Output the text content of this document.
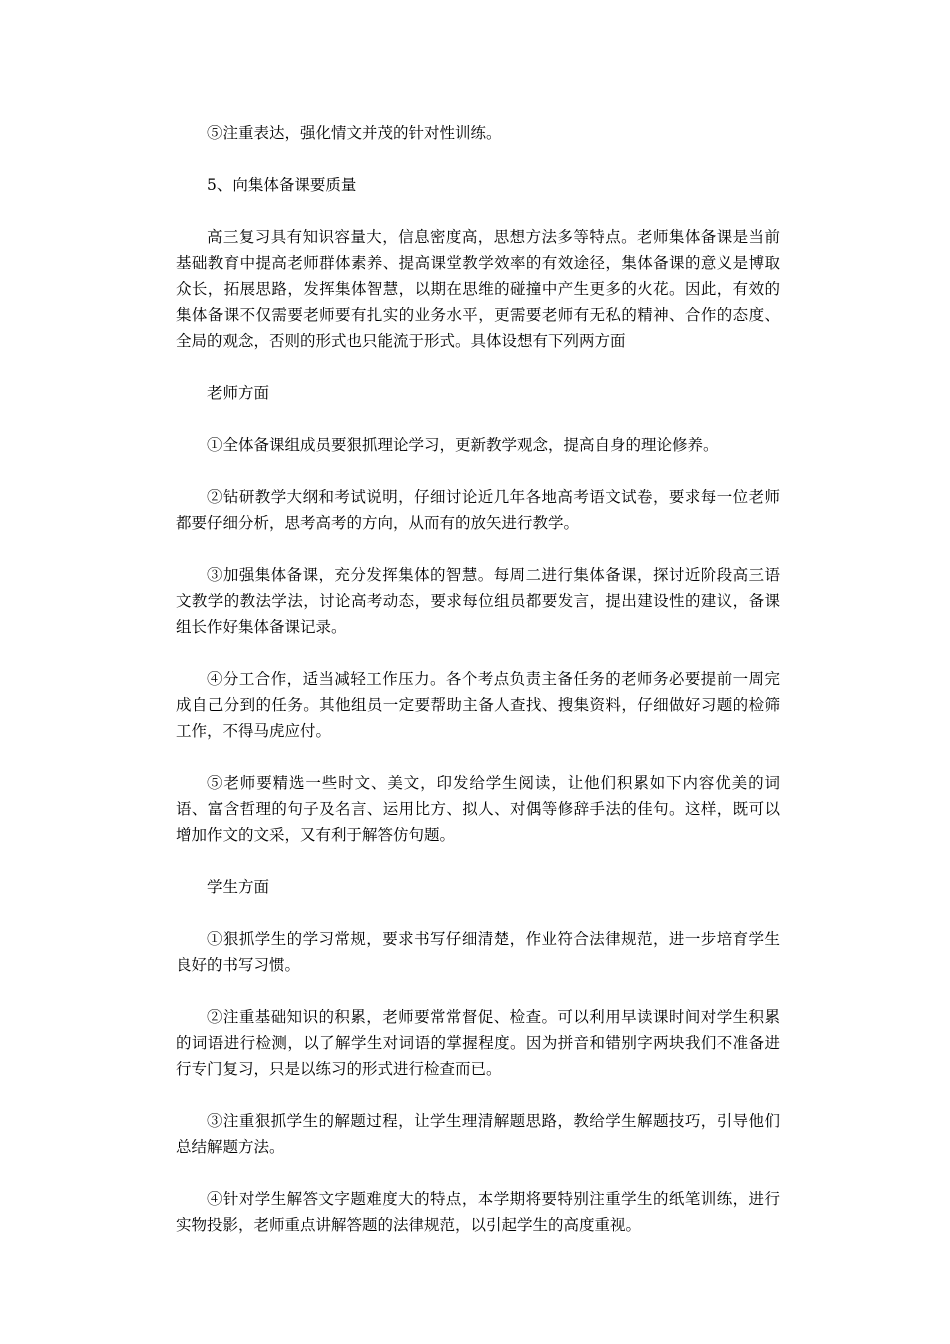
⑤注重表达，强化情文并茂的针对性训练。

5、向集体备课要质量

高三复习具有知识容量大，信息密度高，思想方法多等特点。老师集体备课是当前基础教育中提高老师群体素养、提高课堂教学效率的有效途径，集体备课的意义是博取众长，拓展思路，发挥集体智慧，以期在思维的碰撞中产生更多的火花。因此，有效的集体备课不仅需要老师要有扎实的业务水平，更需要老师有无私的精神、合作的态度、全局的观念，否则的形式也只能流于形式。具体设想有下列两方面

老师方面

①全体备课组成员要狠抓理论学习，更新教学观念，提高自身的理论修养。

②钻研教学大纲和考试说明，仔细讨论近几年各地高考语文试卷，要求每一位老师都要仔细分析，思考高考的方向，从而有的放矢进行教学。

③加强集体备课，充分发挥集体的智慧。每周二进行集体备课，探讨近阶段高三语文教学的教法学法，讨论高考动态，要求每位组员都要发言，提出建设性的建议，备课组长作好集体备课记录。

④分工合作，适当减轻工作压力。各个考点负责主备任务的老师务必要提前一周完成自己分到的任务。其他组员一定要帮助主备人查找、搜集资料，仔细做好习题的检筛工作，不得马虎应付。

⑤老师要精选一些时文、美文，印发给学生阅读，让他们积累如下内容优美的词语、富含哲理的句子及名言、运用比方、拟人、对偶等修辞手法的佳句。这样，既可以增加作文的文采，又有利于解答仿句题。

学生方面

①狠抓学生的学习常规，要求书写仔细清楚，作业符合法律规范，进一步培育学生良好的书写习惯。

②注重基础知识的积累，老师要常常督促、检查。可以利用早读课时间对学生积累的词语进行检测，以了解学生对词语的掌握程度。因为拼音和错别字两块我们不准备进行专门复习，只是以练习的形式进行检查而已。

③注重狠抓学生的解题过程，让学生理清解题思路，教给学生解题技巧，引导他们总结解题方法。

④针对学生解答文字题难度大的特点，本学期将要特别注重学生的纸笔训练，进行实物投影，老师重点讲解答题的法律规范，以引起学生的高度重视。
